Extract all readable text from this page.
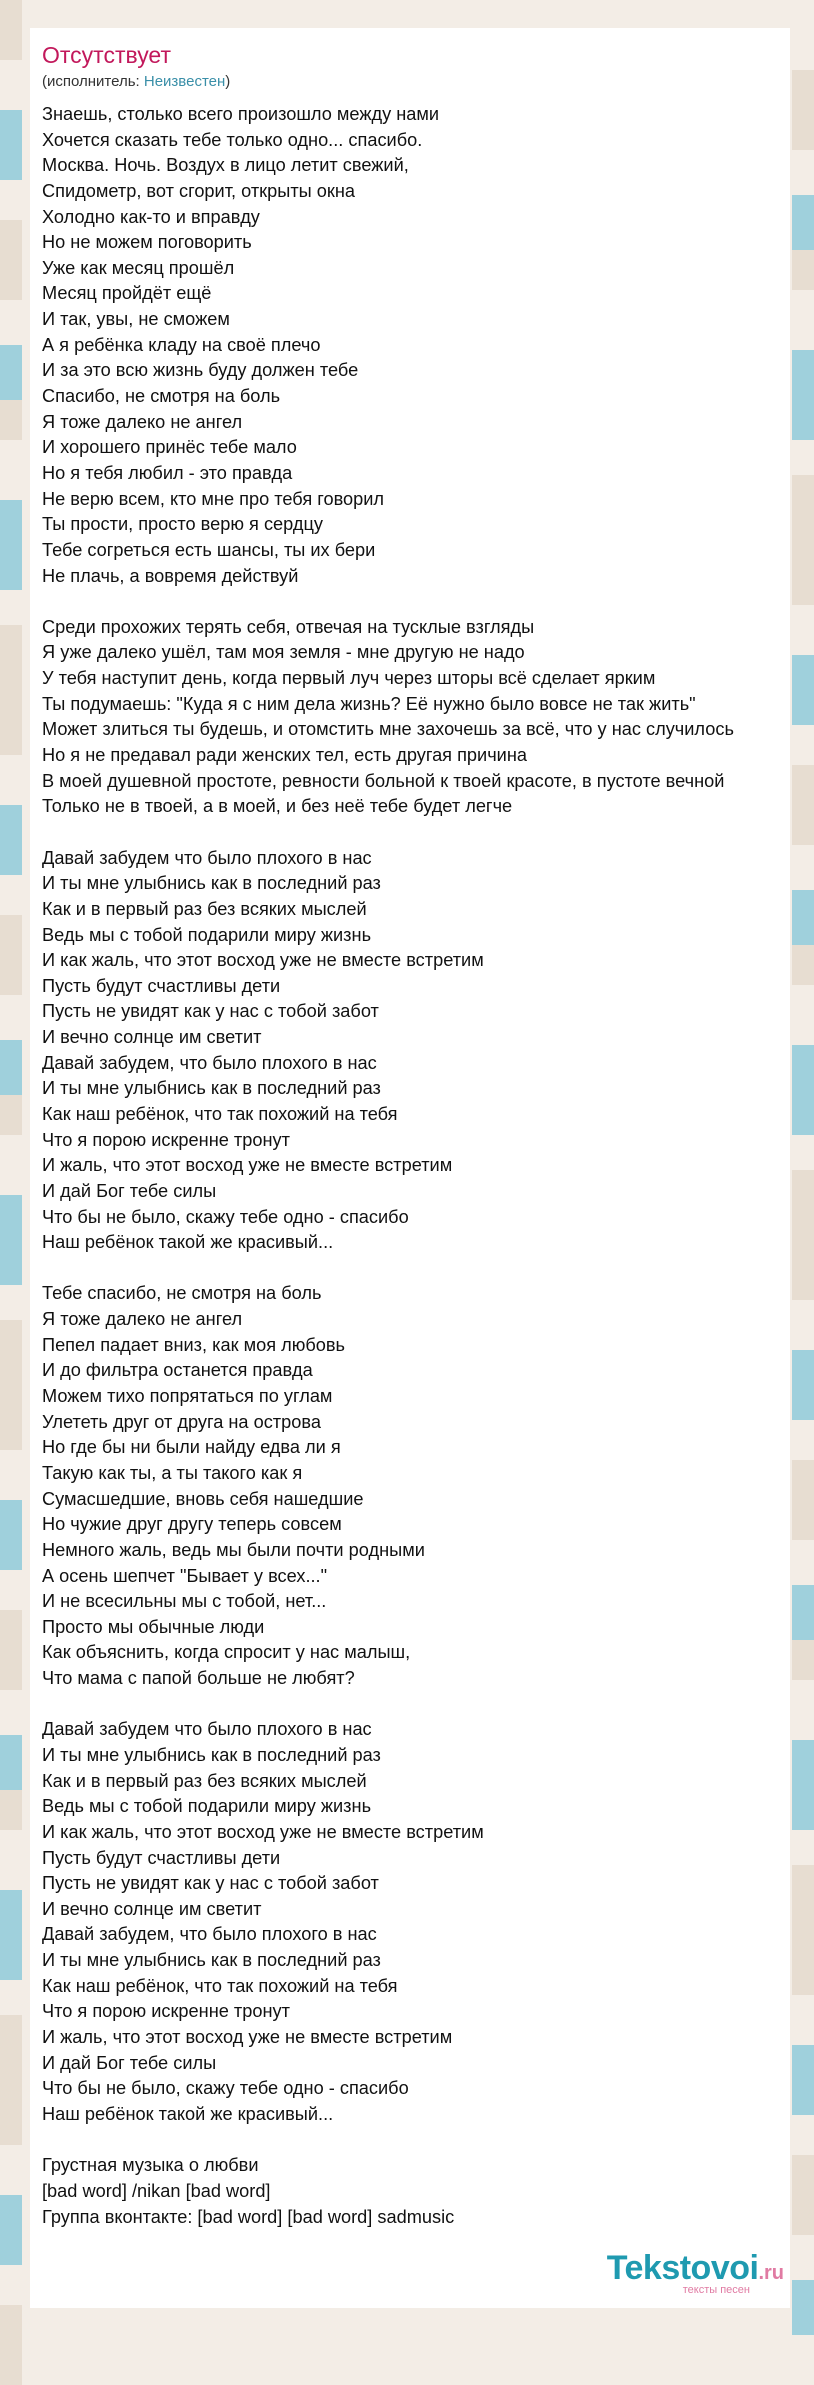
Отсутствует
(исполнитель: Неизвестен)
Знаешь, столько всего произошло между нами
Хочется сказать тебе только одно... спасибо.
Москва. Ночь. Воздух в лицо летит свежий,
Спидометр, вот сгорит, открыты окна
Холодно как-то и вправду
Но не можем поговорить
Уже как месяц прошёл
Месяц пройдёт ещё
И так, увы, не сможем
А я ребёнка кладу на своё плечо
И за это всю жизнь буду должен тебе
Спасибо, не смотря на боль
Я тоже далеко не ангел
И хорошего принёс тебе мало
Но я тебя любил - это правда
Не верю всем, кто мне про тебя говорил
Ты прости, просто верю я сердцу
Тебе согреться есть шансы, ты их бери
Не плачь, а вовремя действуй
Среди прохожих терять себя, отвечая на тусклые взгляды
Я уже далеко ушёл, там моя земля - мне другую не надо
У тебя наступит день, когда первый луч через шторы всё сделает ярким
Ты подумаешь: "Куда я с ним дела жизнь? Её нужно было вовсе не так жить"
Может злиться ты будешь, и отомстить мне захочешь за всё, что у нас случилось
Но я не предавал ради женских тел, есть другая причина
В моей душевной простоте, ревности больной к твоей красоте, в пустоте вечной
Только не в твоей, а в моей, и без неё тебе будет легче
Давай забудем что было плохого в нас
И ты мне улыбнись как в последний раз
Как и в первый раз без всяких мыслей
Ведь мы с тобой подарили миру жизнь
И как жаль, что этот восход уже не вместе встретим
Пусть будут счастливы дети
Пусть не увидят как у нас с тобой забот
И вечно солнце им светит
Давай забудем, что было плохого в нас
И ты мне улыбнись как в последний раз
Как наш ребёнок, что так похожий на тебя
Что я порою искренне тронут
И жаль, что этот восход уже не вместе встретим
И дай Бог тебе силы
Что бы не было, скажу тебе одно - спасибо
Наш ребёнок такой же красивый...
Тебе спасибо, не смотря на боль
Я тоже далеко не ангел
Пепел падает вниз, как моя любовь
И до фильтра останется правда
Можем тихо попрятаться по углам
Улететь друг от друга на острова
Но где бы ни были найду едва ли я
Такую как ты, а ты такого как я
Сумасшедшие, вновь себя нашедшие
Но чужие друг другу теперь совсем
Немного жаль, ведь мы были почти родными
А осень шепчет "Бывает у всех..."
И не всесильны мы с тобой, нет...
Просто мы обычные люди
Как объяснить, когда спросит у нас малыш,
Что мама с папой больше не любят?
Давай забудем что было плохого в нас
И ты мне улыбнись как в последний раз
Как и в первый раз без всяких мыслей
Ведь мы с тобой подарили миру жизнь
И как жаль, что этот восход уже не вместе встретим
Пусть будут счастливы дети
Пусть не увидят как у нас с тобой забот
И вечно солнце им светит
Давай забудем, что было плохого в нас
И ты мне улыбнись как в последний раз
Как наш ребёнок, что так похожий на тебя
Что я порою искренне тронут
И жаль, что этот восход уже не вместе встретим
И дай Бог тебе силы
Что бы не было, скажу тебе одно - спасибо
Наш ребёнок такой же красивый...
Грустная музыка о любви
[bad word] /nikan [bad word]
Группа вконтакте: [bad word] [bad word] sadmusic
Tekstovoi.ru
тексты песен
